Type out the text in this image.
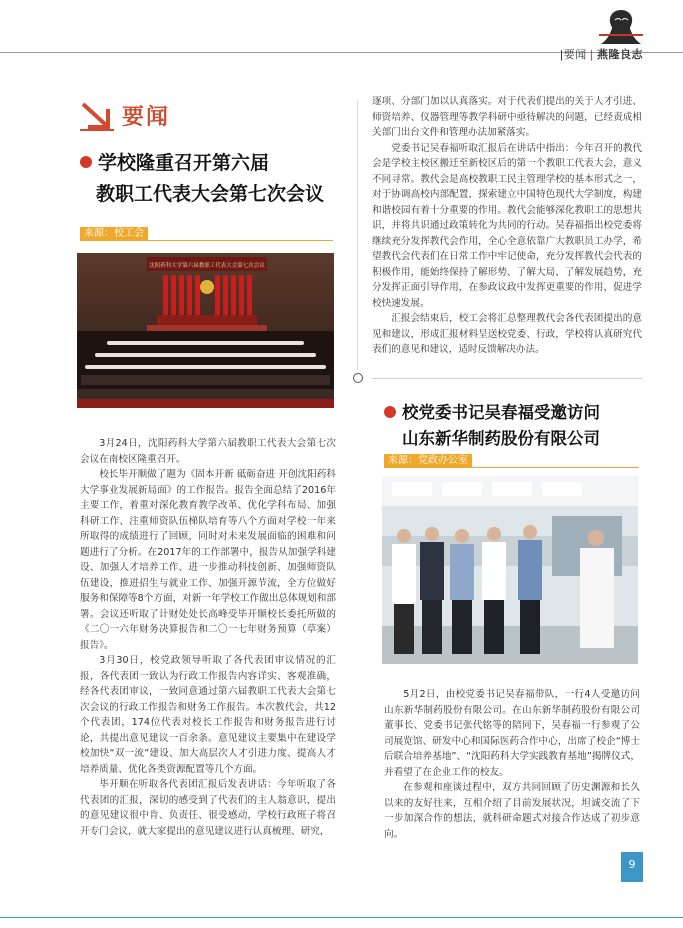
|要闻 | 燕隆良志
要闻
学校隆重召开第六届
教职工代表大会第七次会议
来源：校工会
沈阳药科大学第六届教职工代表大会第七次会议

3月24日，沈阳药科大学第六届教职工代表大会第七次会议在南校区隆重召开。

校长毕开顺做了题为《固本开新 砥砺奋进 开创沈阳药科大学事业发展新局面》的工作报告。报告全面总结了2016年主要工作，着重对深化教育教学改革、优化学科布局、加强科研工作、注重师资队伍梯队培育等八个方面对学校一年来所取得的成绩进行了回顾，同时对未来发展面临的困难和问题进行了分析。在2017年的工作部署中，报告从加强学科建设、加强人才培养工作、进一步推动科技创新、加强师资队伍建设，推进招生与就业工作、加强开源节流，全方位做好服务和保障等8个方面，对新一年学校工作做出总体规划和部署。会议还听取了计财处处长高峰受毕开顺校长委托所做的《二〇一六年财务决算报告和二〇一七年财务预算（草案）报告》。

3月30日，校党政领导听取了各代表团审议情况的汇报，各代表团一致认为行政工作报告内容详实、客观准确，经各代表团审议，一致同意通过第六届教职工代表大会第七次会议的行政工作报告和财务工作报告。本次教代会，共12个代表团，174位代表对校长工作报告和财务报告进行讨论，共提出意见建议一百余条。意见建议主要集中在建设学校加快“双一流”建设、加大高层次人才引进力度、提高人才培养质量、优化各类资源配置等几个方面。

毕开顺在听取各代表团汇报后发表讲话：今年听取了各代表团的汇报，深切的感受到了代表们的主人翁意识，提出的意见建议很中肯、负责任、很受感动，学校行政班子将召开专门会议，就大家提出的意见建议进行认真梳理、研究，

逐项、分部门加以认真落实。对于代表们提出的关于人才引进、师资培养、仪器管理等教学科研中亟待解决的问题，已经责成相关部门出台文件和管理办法加紧落实。

党委书记吴春福听取汇报后在讲话中指出：今年召开的教代会是学校主校区搬迁至新校区后的第一个教职工代表大会，意义不同寻常。教代会是高校教职工民主管理学校的基本形式之一，对于协调高校内部配置，探索建立中国特色现代大学制度，构建和谐校园有着十分重要的作用。教代会能够深化教职工的思想共识，并将共识通过政策转化为共同的行动。吴春福指出校党委将继续充分发挥教代会作用，全心全意依靠广大教职员工办学，希望教代会代表们在日常工作中牢记使命，充分发挥教代会代表的积极作用，能始终保持了解形势、了解大局、了解发展趋势，充分发挥正面引导作用，在参政议政中发挥更重要的作用，促进学校快速发展。

汇报会结束后，校工会将汇总整理教代会各代表团提出的意见和建议，形成汇报材料呈送校党委、行政，学校将认真研究代表们的意见和建议，适时反馈解决办法。

校党委书记吴春福受邀访问
山东新华制药股份有限公司
来源：党政办公室

5月2日，由校党委书记吴春福带队，一行4人受邀访问山东新华制药股份有限公司。在山东新华制药股份有限公司董事长、党委书记张代铭等的陪同下，吴春福一行参观了公司展览馆、研发中心和国际医药合作中心，出席了校企“博士后联合培养基地”、“沈阳药科大学实践教育基地”揭牌仪式，并看望了在企业工作的校友。

在参观和座谈过程中，双方共同回顾了历史渊源和长久以来的友好往来，互相介绍了目前发展状况，坦诚交流了下一步加深合作的想法，就科研命题式对接合作达成了初步意向。

9
